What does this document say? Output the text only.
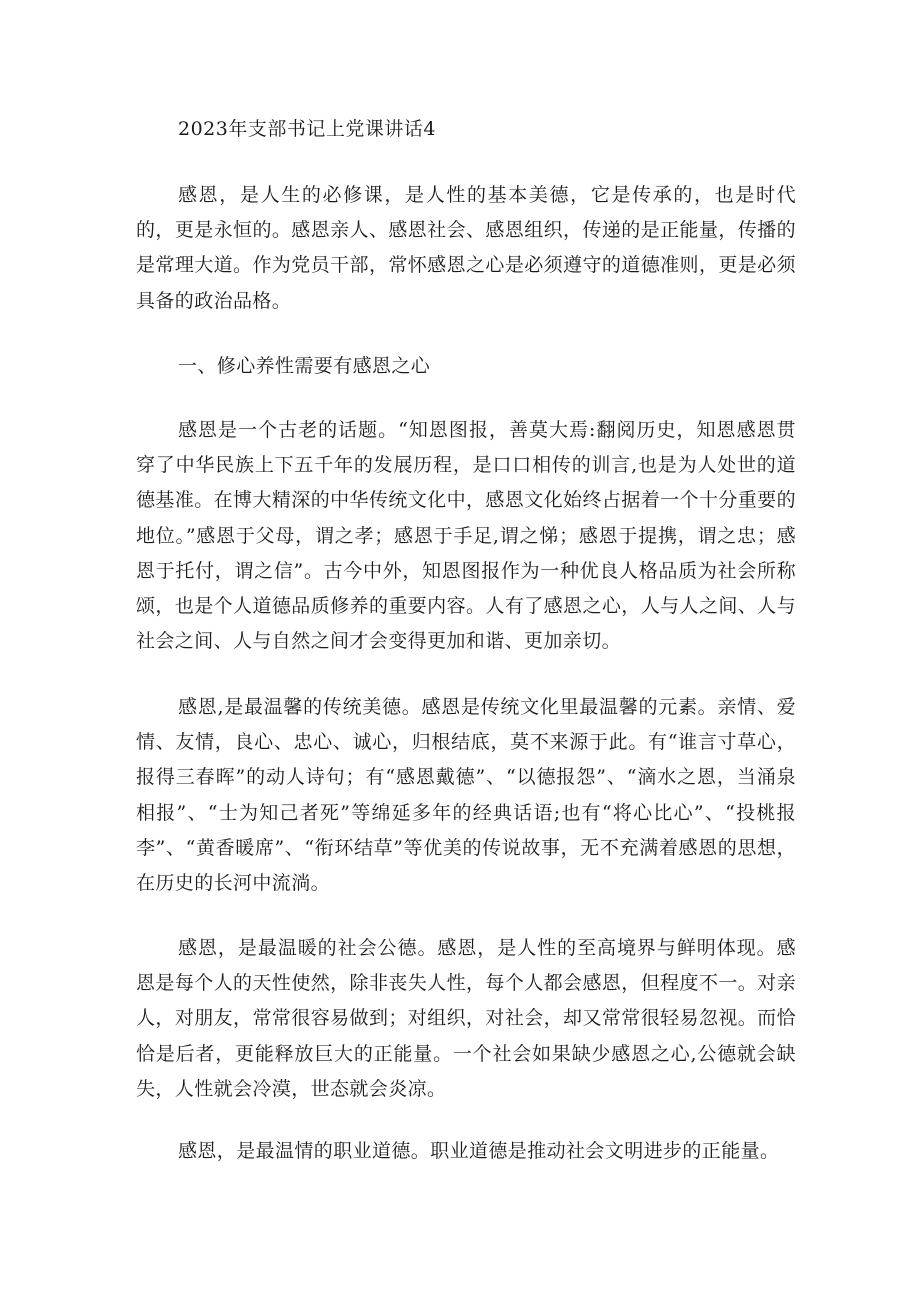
2023年支部书记上党课讲话4

感恩，是人生的必修课，是人性的基本美德，它是传承的，也是时代的，更是永恒的。感恩亲人、感恩社会、感恩组织，传递的是正能量，传播的是常理大道。作为党员干部，常怀感恩之心是必须遵守的道德准则，更是必须具备的政治品格。

一、修心养性需要有感恩之心

感恩是一个古老的话题。“知恩图报，善莫大焉:翻阅历史，知恩感恩贯穿了中华民族上下五千年的发展历程，是口口相传的训言,也是为人处世的道德基准。在博大精深的中华传统文化中，感恩文化始终占据着一个十分重要的地位。”感恩于父母，谓之孝；感恩于手足,谓之悌；感恩于提携，谓之忠；感恩于托付，谓之信”。古今中外，知恩图报作为一种优良人格品质为社会所称颂，也是个人道德品质修养的重要内容。人有了感恩之心，人与人之间、人与社会之间、人与自然之间才会变得更加和谐、更加亲切。

感恩,是最温馨的传统美德。感恩是传统文化里最温馨的元素。亲情、爱情、友情，良心、忠心、诚心，归根结底，莫不来源于此。有“谁言寸草心，报得三春晖”的动人诗句；有“感恩戴德”、“以德报怨”、“滴水之恩，当涌泉相报”、“士为知己者死”等绵延多年的经典话语;也有“将心比心”、“投桃报李”、“黄香暖席”、“衔环结草”等优美的传说故事，无不充满着感恩的思想，在历史的长河中流淌。

感恩，是最温暖的社会公德。感恩，是人性的至高境界与鲜明体现。感恩是每个人的天性使然，除非丧失人性，每个人都会感恩，但程度不一。对亲人，对朋友，常常很容易做到；对组织，对社会，却又常常很轻易忽视。而恰恰是后者，更能释放巨大的正能量。一个社会如果缺少感恩之心,公德就会缺失，人性就会冷漠，世态就会炎凉。

感恩，是最温情的职业道德。职业道德是推动社会文明进步的正能量。
